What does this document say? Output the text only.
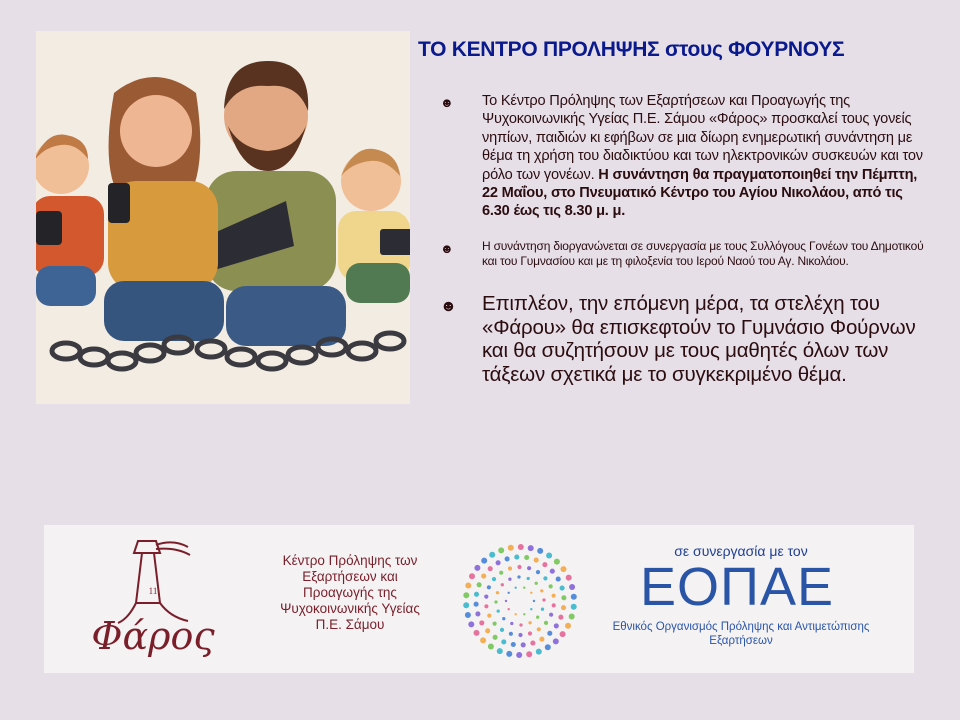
ΤΟ ΚΕΝΤΡΟ ΠΡΟΛΗΨΗΣ στους ΦΟΥΡΝΟΥΣ
☻ Το Κέντρο Πρόληψης των Εξαρτήσεων και Προαγωγής της Ψυχοκοινωνικής Υγείας Π.Ε. Σάμου «Φάρος» προσκαλεί τους γονείς νηπίων, παιδιών κι εφήβων σε μια δίωρη ενημερωτική συνάντηση με θέμα τη χρήση του διαδικτύου και των ηλεκτρονικών συσκευών και τον ρόλο των γονέων. Η συνάντηση θα πραγματοποιηθεί την Πέμπτη, 22 Μαΐου, στο Πνευματικό Κέντρο του Αγίου Νικολάου, από τις 6.30 έως τις 8.30 μ. μ.
☻ Η συνάντηση διοργανώνεται σε συνεργασία με τους Συλλόγους Γονέων του Δημοτικού και του Γυμνασίου και με τη φιλοξενία του Ιερού Ναού του Αγ. Νικολάου.
☻ Επιπλέον, την επόμενη μέρα, τα στελέχη του «Φάρου» θα επισκεφτούν το Γυμνάσιο Φούρνων και θα συζητήσουν με τους μαθητές όλων των τάξεων σχετικά με το συγκεκριμένο θέμα.
11
Φάρος
Κέντρο Πρόληψης των Εξαρτήσεων και Προαγωγής της Ψυχοκοινωνικής Υγείας Π.Ε. Σάμου
σε συνεργασία με τον
ΕΟΠΑΕ
Εθνικός Οργανισμός Πρόληψης και Αντιμετώπισης Εξαρτήσεων
